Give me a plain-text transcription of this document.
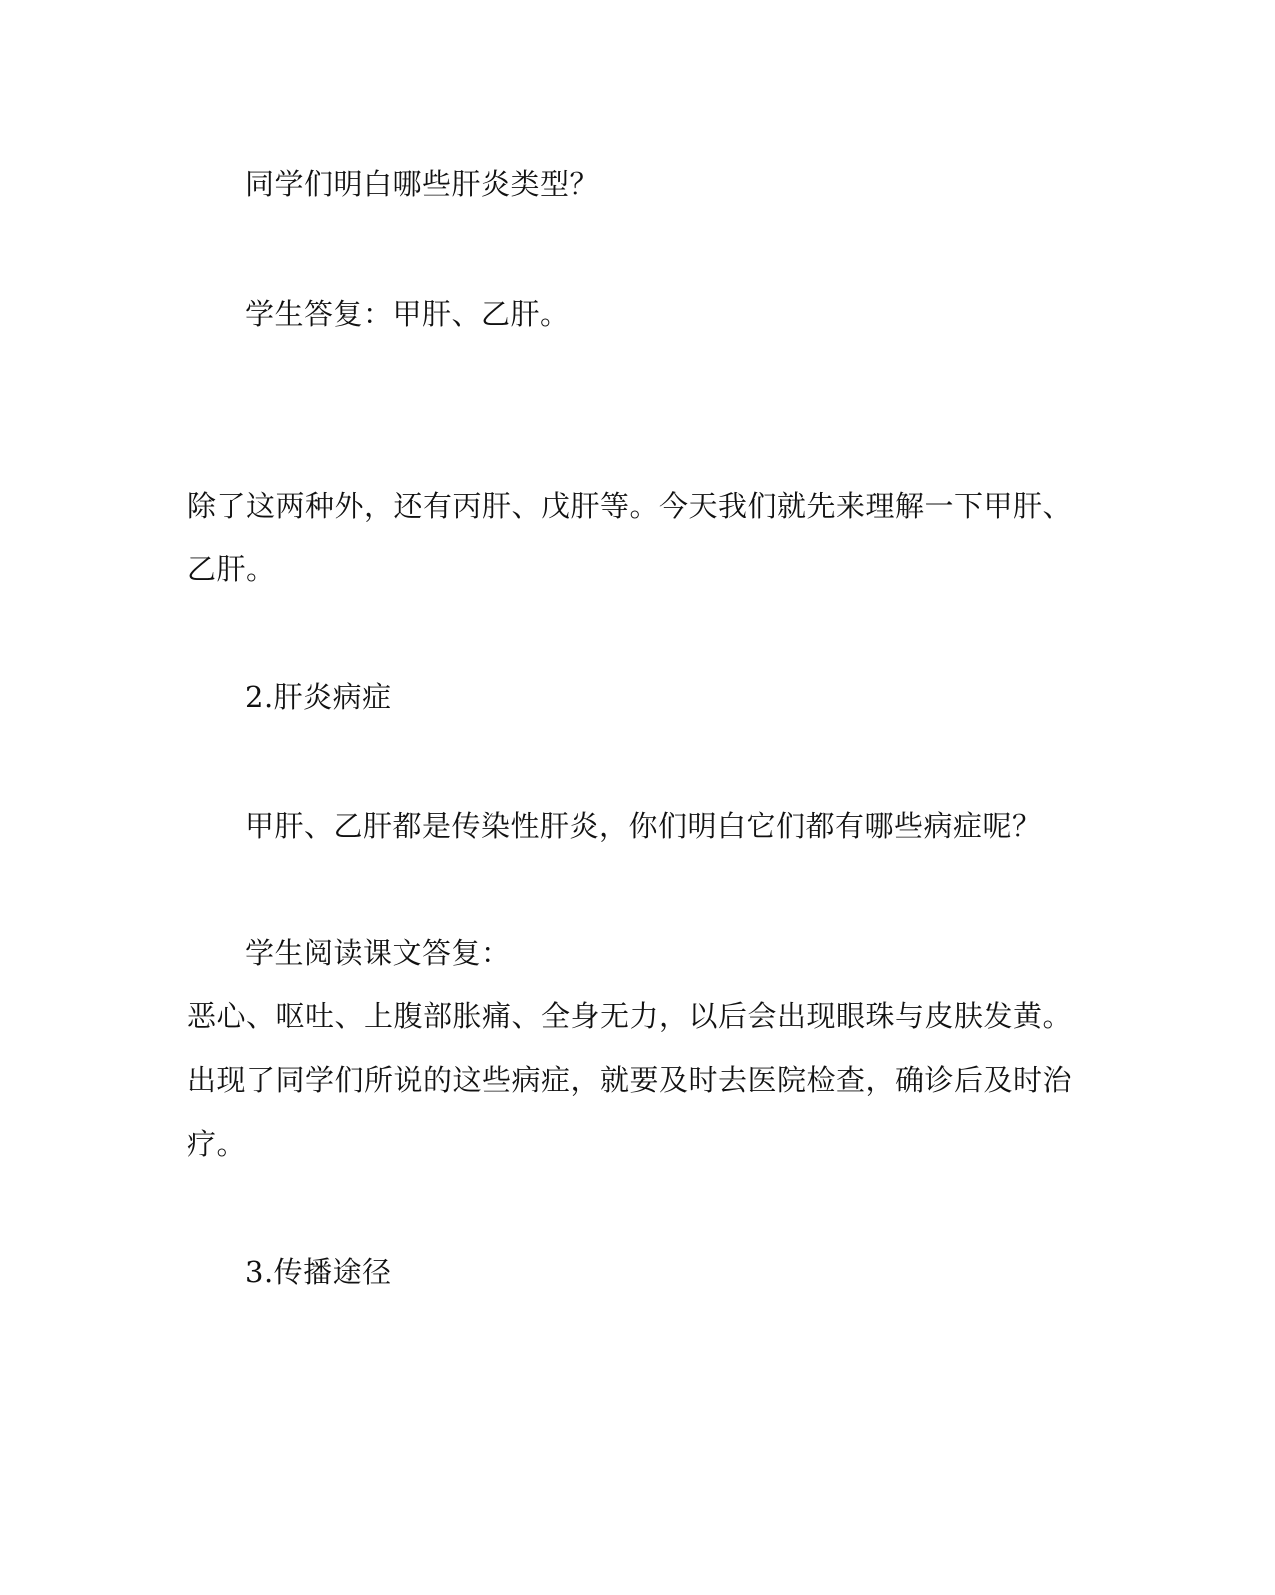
同学们明白哪些肝炎类型？
学生答复：甲肝、乙肝。
除了这两种外，还有丙肝、戊肝等。今天我们就先来理解一下甲肝、
乙肝。
2.肝炎病症
甲肝、乙肝都是传染性肝炎，你们明白它们都有哪些病症呢？
学生阅读课文答复：
恶心、呕吐、上腹部胀痛、全身无力，以后会出现眼珠与皮肤发黄。
出现了同学们所说的这些病症，就要及时去医院检查，确诊后及时治
疗。
3.传播途径
